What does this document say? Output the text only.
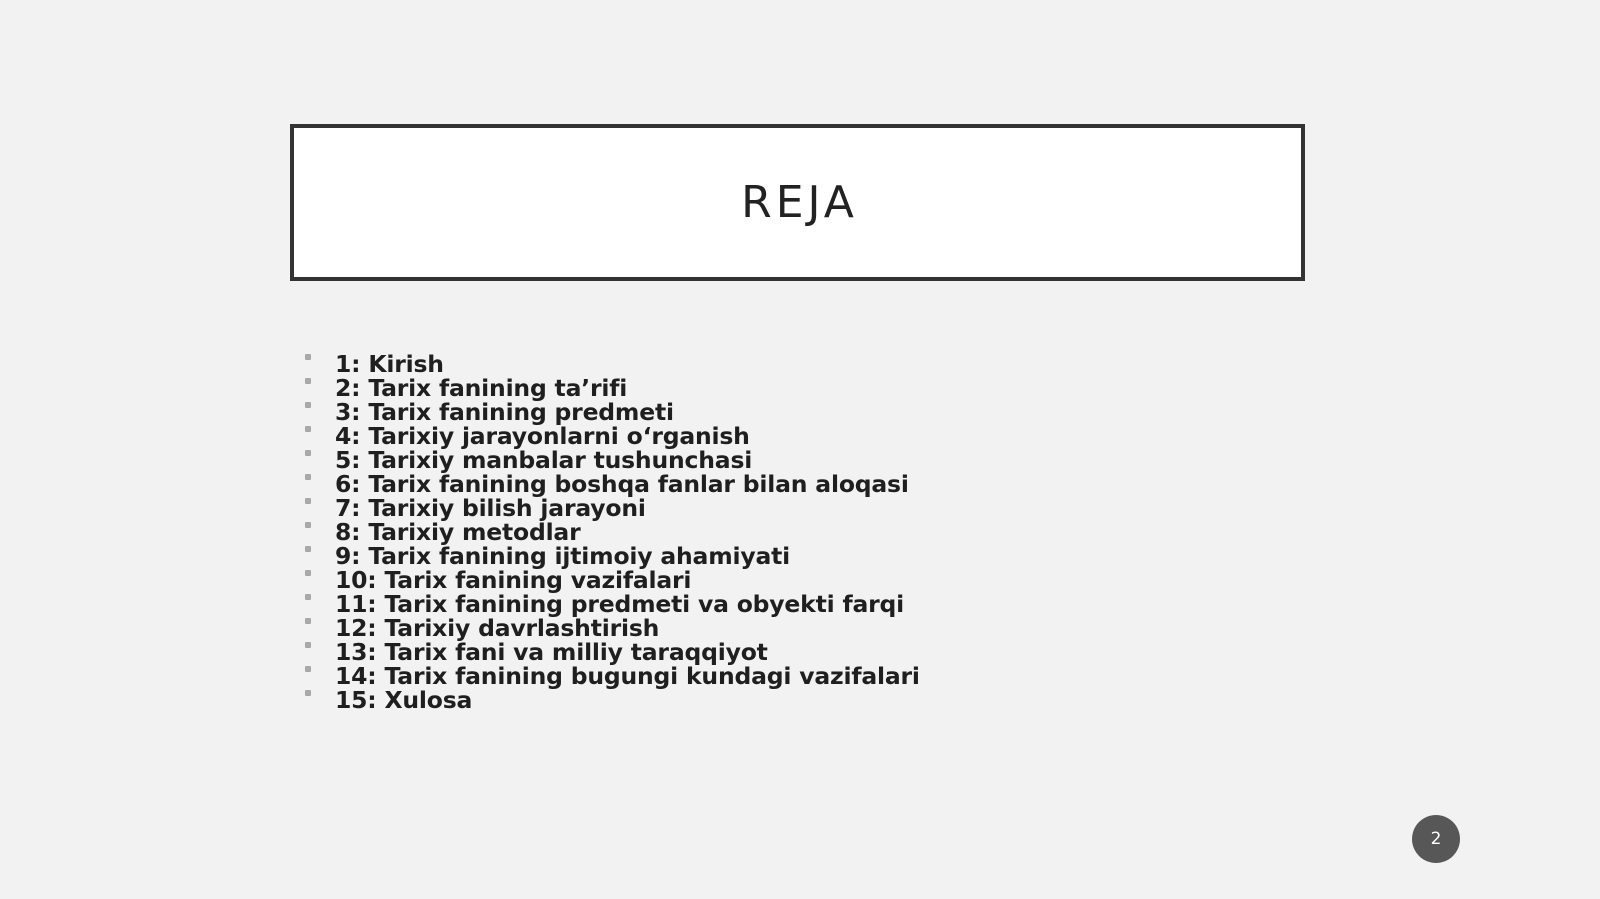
REJA
1: Kirish
2: Tarix fanining ta’rifi
3: Tarix fanining predmeti
4: Tarixiy jarayonlarni o‘rganish
5: Tarixiy manbalar tushunchasi
6: Tarix fanining boshqa fanlar bilan aloqasi
7: Tarixiy bilish jarayoni
8: Tarixiy metodlar
9: Tarix fanining ijtimoiy ahamiyati
10: Tarix fanining vazifalari
11: Tarix fanining predmeti va obyekti farqi
12: Tarixiy davrlashtirish
13: Tarix fani va milliy taraqqiyot
14: Tarix fanining bugungi kundagi vazifalari
15: Xulosa
2
